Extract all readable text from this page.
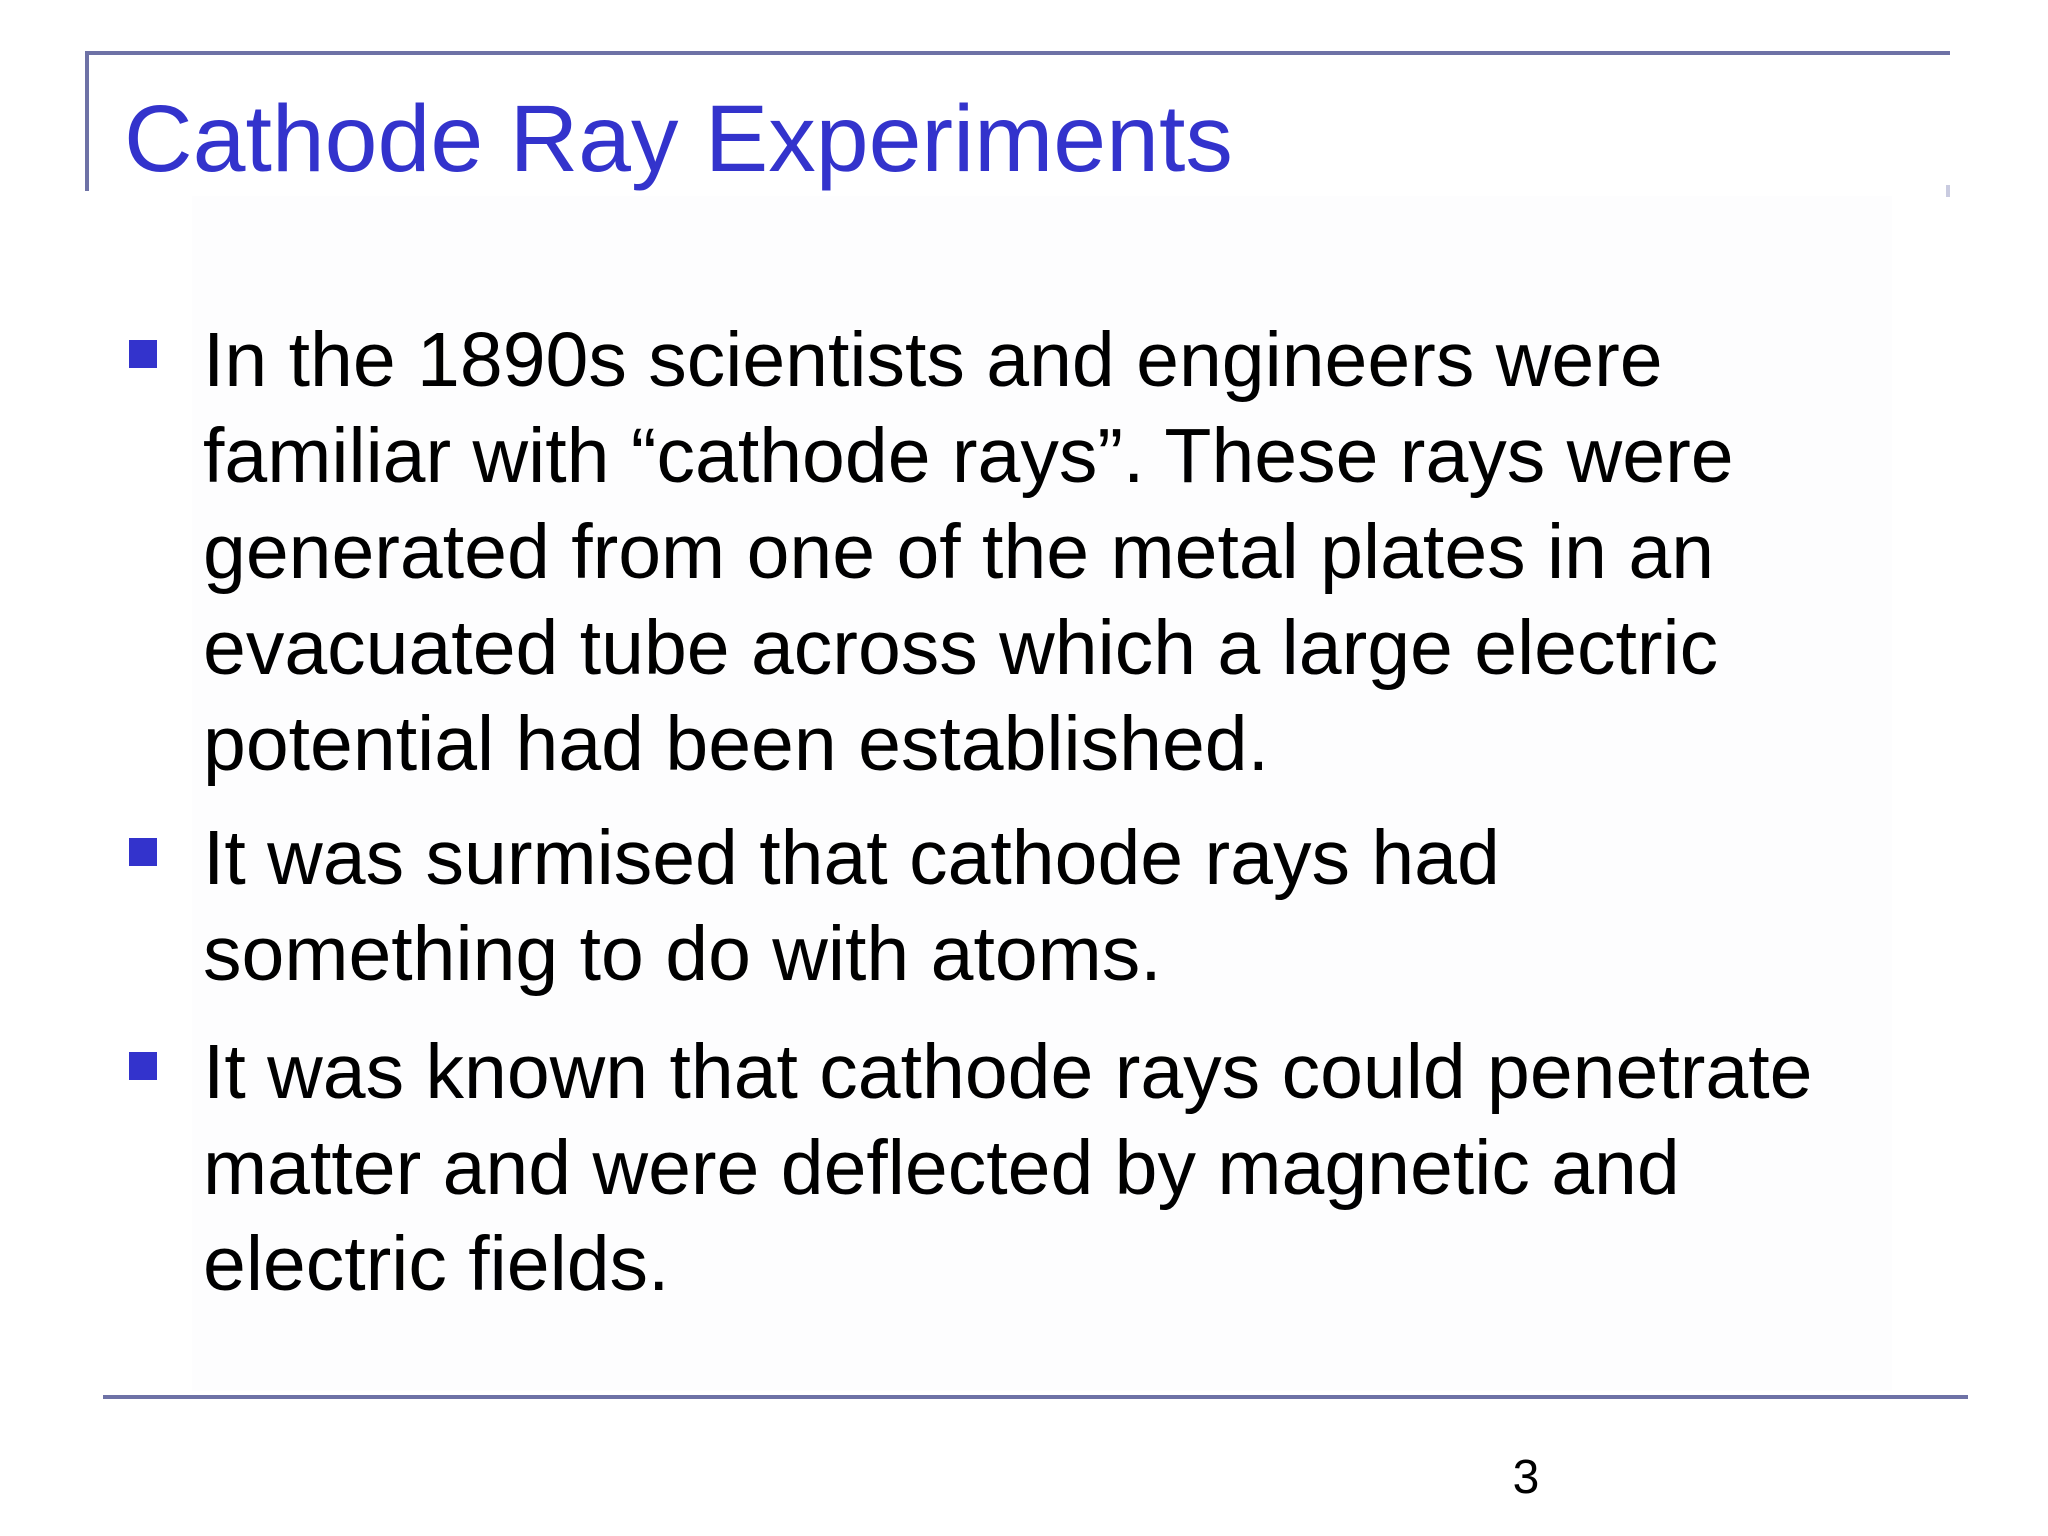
Cathode Ray Experiments
In the 1890s scientists and engineers were
familiar with “cathode rays”. These rays were
generated from one of the metal plates in an
evacuated tube across which a large electric
potential had been established.
It was surmised that cathode rays had
something to do with atoms.
It was known that cathode rays could penetrate
matter and were deflected by magnetic and
electric fields.
3
